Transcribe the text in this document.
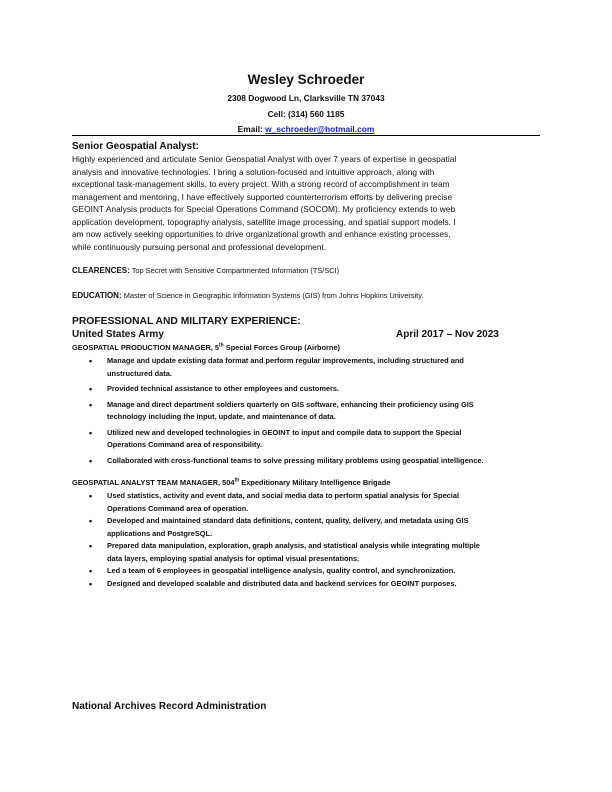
Wesley Schroeder
2308 Dogwood Ln, Clarksville TN 37043
Cell: (314) 560 1185
Email: w_schroeder@hotmail.com
Senior Geospatial Analyst:
Highly experienced and articulate Senior Geospatial Analyst with over 7 years of expertise in geospatial
analysis and innovative technologies. I bring a solution-focused and intuitive approach, along with
exceptional task-management skills, to every project. With a strong record of accomplishment in team
management and mentoring, I have effectively supported counterterrorism efforts by delivering precise
GEOINT Analysis products for Special Operations Command (SOCOM). My proficiency extends to web
application development, topography analysis, satellite image processing, and spatial support models. I
am now actively seeking opportunities to drive organizational growth and enhance existing processes,
while continuously pursuing personal and professional development.
CLEARENCES: Top Secret with Sensitive Compartmented Information (TS/SCI)
EDUCATION: Master of Science in Geographic Information Systems (GIS) from Johns Hopkins University.
PROFESSIONAL AND MILITARY EXPERIENCE:
United States Army	April 2017 – Nov 2023
GEOSPATIAL PRODUCTION MANAGER, 5th Special Forces Group (Airborne)
• Manage and update existing data format and perform regular improvements, including structured and
unstructured data.
• Provided technical assistance to other employees and customers.
• Manage and direct department soldiers quarterly on GIS software, enhancing their proficiency using GIS
technology including the input, update, and maintenance of data.
• Utilized new and developed technologies in GEOINT to input and compile data to support the Special
Operations Command area of responsibility.
• Collaborated with cross-functional teams to solve pressing military problems using geospatial intelligence.
GEOSPATIAL ANALYST TEAM MANAGER, 504th Expeditionary Military Intelligence Brigade
• Used statistics, activity and event data, and social media data to perform spatial analysis for Special
Operations Command area of operation.
• Developed and maintained standard data definitions, content, quality, delivery, and metadata using GIS
applications and PostgreSQL.
• Prepared data manipulation, exploration, graph analysis, and statistical analysis while integrating multiple
data layers, employing spatial analysis for optimal visual presentations.
• Led a team of 6 employees in geospatial intelligence analysis, quality control, and synchronization.
• Designed and developed scalable and distributed data and backend services for GEOINT purposes.
National Archives Record Administration
